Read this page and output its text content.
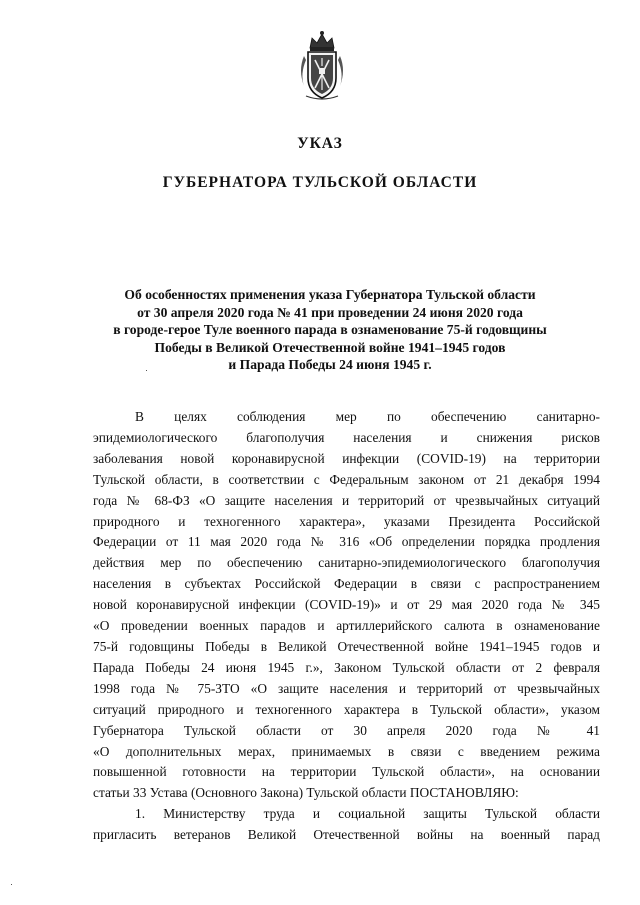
УКАЗ
ГУБЕРНАТОРА ТУЛЬСКОЙ ОБЛАСТИ
Об особенностях применения указа Губернатора Тульской области
от 30 апреля 2020 года № 41 при проведении 24 июня 2020 года
в городе-герое Туле военного парада в ознаменование 75-й годовщины
Победы в Великой Отечественной войне 1941–1945 годов
и Парада Победы 24 июня 1945 г.
В целях соблюдения мер по обеспечению санитарно-
эпидемиологического благополучия населения и снижения рисков
заболевания новой коронавирусной инфекции (COVID-19) на территории
Тульской области, в соответствии с Федеральным законом от 21 декабря 1994
года № 68-ФЗ «О защите населения и территорий от чрезвычайных ситуаций
природного и техногенного характера», указами Президента Российской
Федерации от 11 мая 2020 года № 316 «Об определении порядка продления
действия мер по обеспечению санитарно-эпидемиологического благополучия
населения в субъектах Российской Федерации в связи с распространением
новой коронавирусной инфекции (COVID-19)» и от 29 мая 2020 года № 345
«О проведении военных парадов и артиллерийского салюта в ознаменование
75-й годовщины Победы в Великой Отечественной войне 1941–1945 годов и
Парада Победы 24 июня 1945 г.», Законом Тульской области от 2 февраля
1998 года № 75-ЗТО «О защите населения и территорий от чрезвычайных
ситуаций природного и техногенного характера в Тульской области», указом
Губернатора Тульской области от 30 апреля 2020 года № 41
«О дополнительных мерах, принимаемых в связи с введением режима
повышенной готовности на территории Тульской области», на основании
статьи 33 Устава (Основного Закона) Тульской области ПОСТАНОВЛЯЮ:
1. Министерству труда и социальной защиты Тульской области
пригласить ветеранов Великой Отечественной войны на военный парад
